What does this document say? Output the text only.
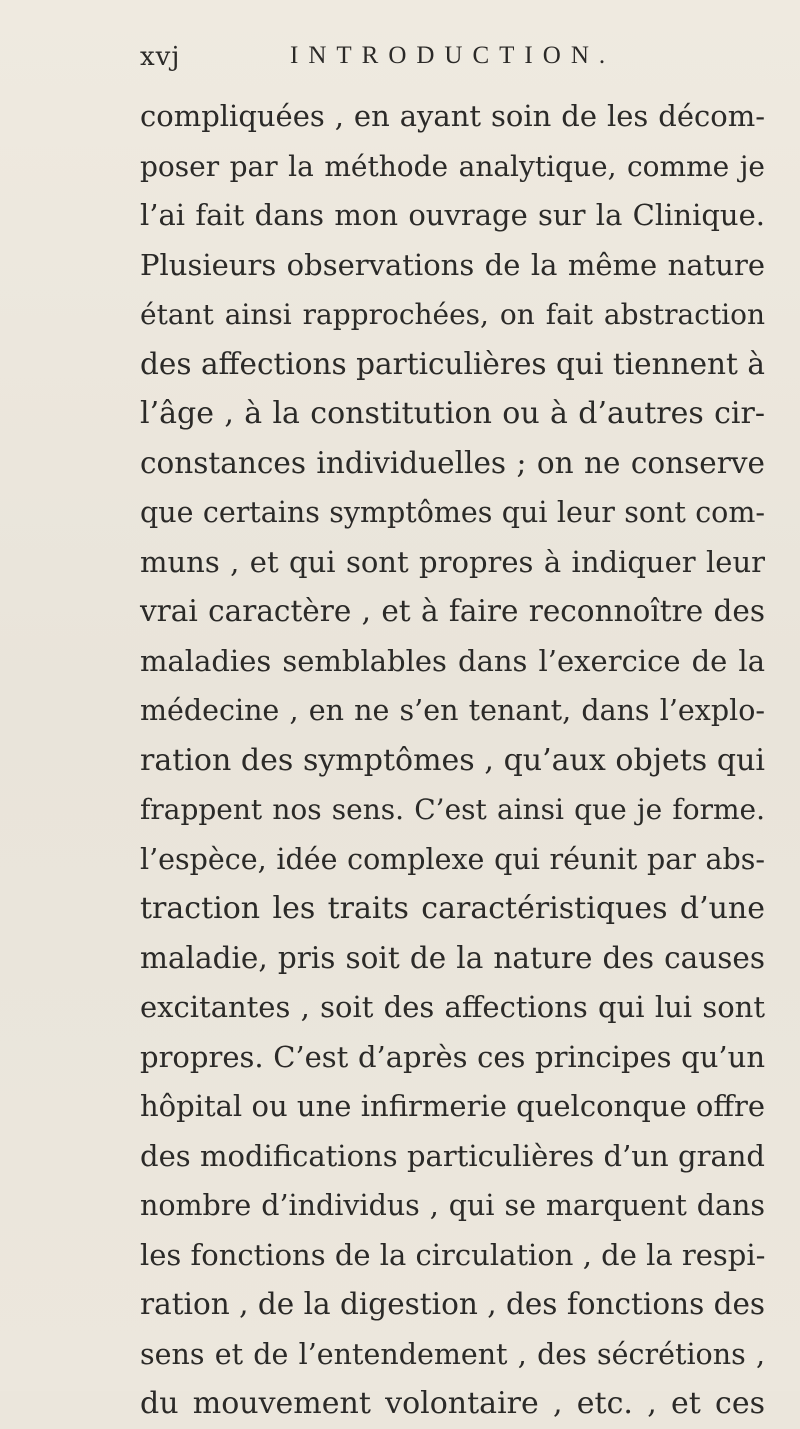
xvj	INTRODUCTION.
compliquées , en ayant soin de les décom-
poser par la méthode analytique, comme je
l’ai fait dans mon ouvrage sur la Clinique.
Plusieurs observations de la même nature
étant ainsi rapprochées, on fait abstraction
des affections particulières qui tiennent à
l’âge , à la constitution ou à d’autres cir-
constances individuelles ; on ne conserve
que certains symptômes qui leur sont com-
muns , et qui sont propres à indiquer leur
vrai caractère , et à faire reconnoître des
maladies semblables dans l’exercice de la
médecine , en ne s’en tenant, dans l’explo-
ration des symptômes , qu’aux objets qui
frappent nos sens. C’est ainsi que je forme.
l’espèce, idée complexe qui réunit par abs-
traction les traits caractéristiques d’une
maladie, pris soit de la nature des causes
excitantes , soit des affections qui lui sont
propres. C’est d’après ces principes qu’un
hôpital ou une infirmerie quelconque offre
des modifications particulières d’un grand
nombre d’individus , qui se marquent dans
les fonctions de la circulation , de la respi-
ration , de la digestion , des fonctions des
sens et de l’entendement , des sécrétions ,
du mouvement volontaire , etc. , et ces
